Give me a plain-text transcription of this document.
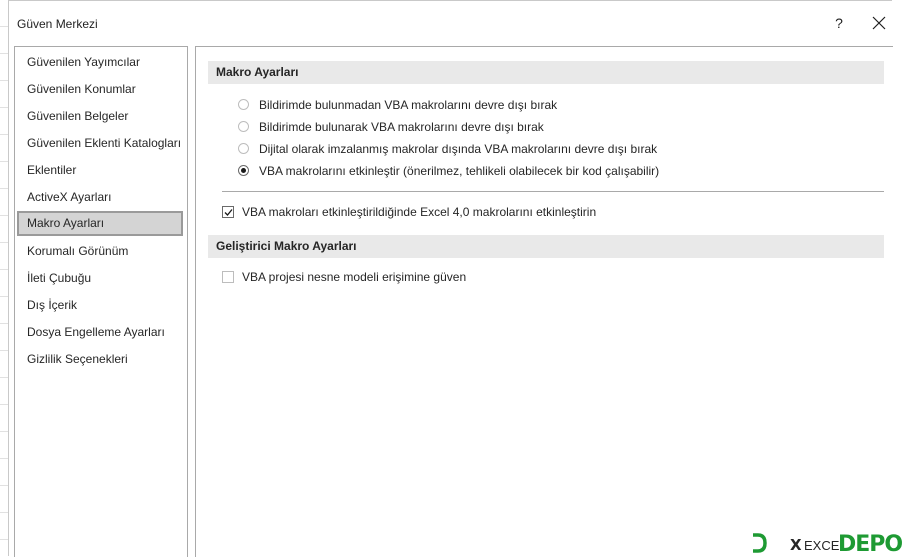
Güven Merkezi	?
Güvenilen Yayımcılar
Güvenilen Konumlar
Güvenilen Belgeler
Güvenilen Eklenti Katalogları
Eklentiler
ActiveX Ayarları
Makro Ayarları
Korumalı Görünüm
İleti Çubuğu
Dış İçerik
Dosya Engelleme Ayarları
Gizlilik Seçenekleri
Makro Ayarları
Bildirimde bulunmadan VBA makrolarını devre dışı bırak
Bildirimde bulunarak VBA makrolarını devre dışı bırak
Dijital olarak imzalanmış makrolar dışında VBA makrolarını devre dışı bırak
VBA makrolarını etkinleştir (önerilmez, tehlikeli olabilecek bir kod çalışabilir)
VBA makroları etkinleştirildiğinde Excel 4,0 makrolarını etkinleştirin
Geliştirici Makro Ayarları
VBA projesi nesne modeli erişimine güven
X EXCEL
DEPO
